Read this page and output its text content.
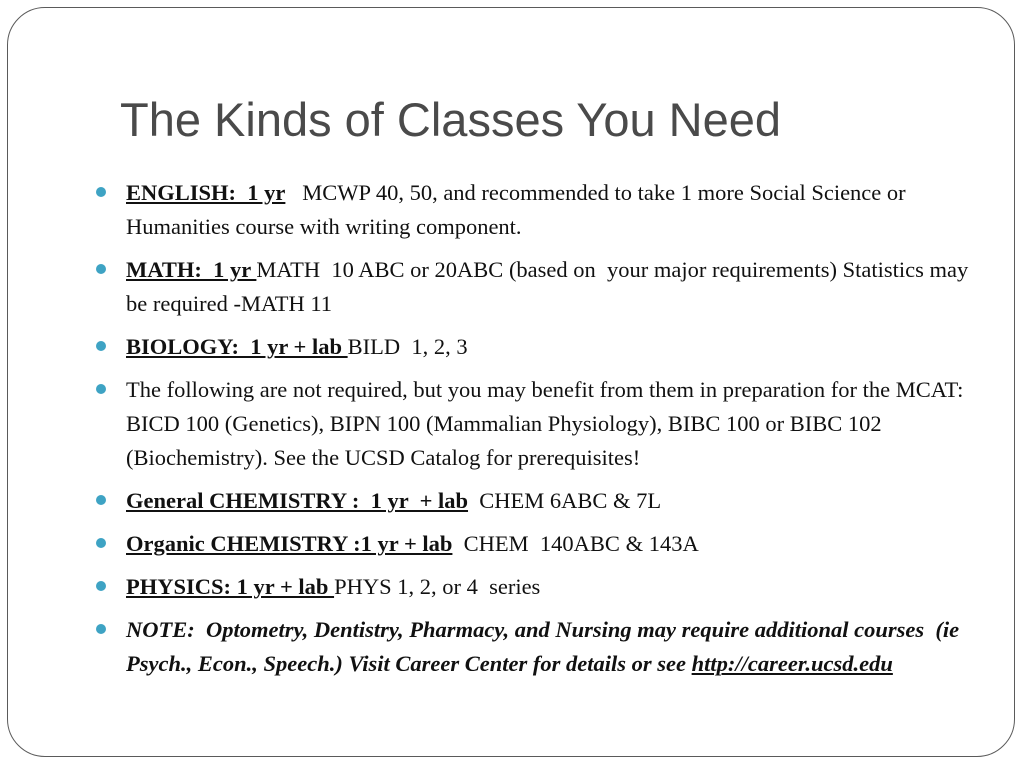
The Kinds of Classes You Need
ENGLISH:  1 yr   MCWP 40, 50, and recommended to take 1 more Social Science or Humanities course with writing component.
MATH:  1 yr MATH  10 ABC or 20ABC (based on  your major requirements) Statistics may be required -MATH 11
BIOLOGY:  1 yr + lab BILD  1, 2, 3
The following are not required, but you may benefit from them in preparation for the MCAT:  BICD 100 (Genetics), BIPN 100 (Mammalian Physiology), BIBC 100 or BIBC 102 (Biochemistry). See the UCSD Catalog for prerequisites!
General CHEMISTRY :  1 yr  + lab  CHEM 6ABC & 7L
Organic CHEMISTRY :1 yr + lab  CHEM  140ABC & 143A
PHYSICS: 1 yr + lab PHYS 1, 2, or 4  series
NOTE:  Optometry, Dentistry, Pharmacy, and Nursing may require additional courses  (ie Psych., Econ., Speech.) Visit Career Center for details or see http://career.ucsd.edu
